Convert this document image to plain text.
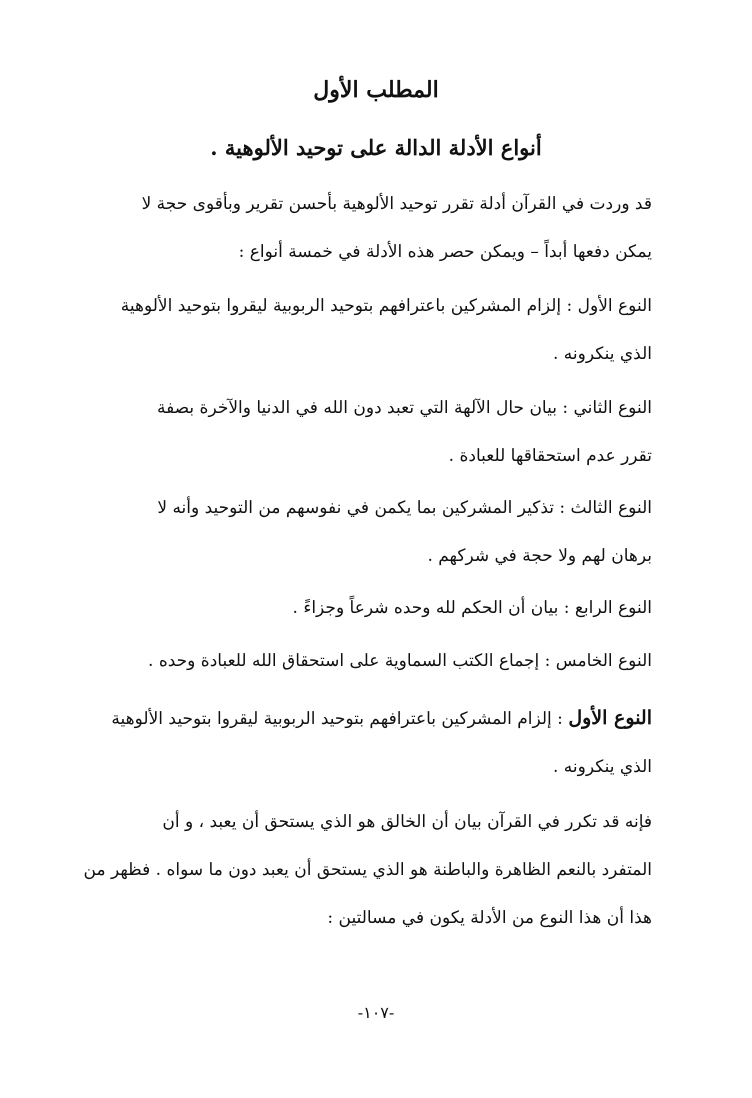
المطلب الأول
أنواع الأدلة الدالة على توحيد الألوهية .
قد وردت في القرآن أدلة تقرر توحيد الألوهية بأحسن تقرير وبأقوى حجة لا
يمكن دفعها أبداً – ويمكن حصر هذه الأدلة في خمسة أنواع :
النوع الأول : إلزام المشركين باعترافهم بتوحيد الربوبية ليقروا بتوحيد الألوهية
الذي ينكرونه .
النوع الثاني : بيان حال الآلهة التي تعبد دون الله في الدنيا والآخرة بصفة
تقرر عدم استحقاقها للعبادة .
النوع الثالث : تذكير المشركين بما يكمن في نفوسهم من التوحيد وأنه لا
برهان لهم ولا حجة في شركهم .
النوع الرابع : بيان أن الحكم لله وحده شرعاً وجزاءً .
النوع الخامس : إجماع الكتب السماوية على استحقاق الله للعبادة وحده .
النوع الأول : إلزام المشركين باعترافهم بتوحيد الربوبية ليقروا بتوحيد الألوهية
الذي ينكرونه .
فإنه قد تكرر في القرآن بيان أن الخالق هو الذي يستحق أن يعبد ، و أن
المتفرد بالنعم الظاهرة والباطنة هو الذي يستحق أن يعبد دون ما سواه . فظهر من
هذا أن هذا النوع من الأدلة يكون في مسالتين :
-١٠٧-
